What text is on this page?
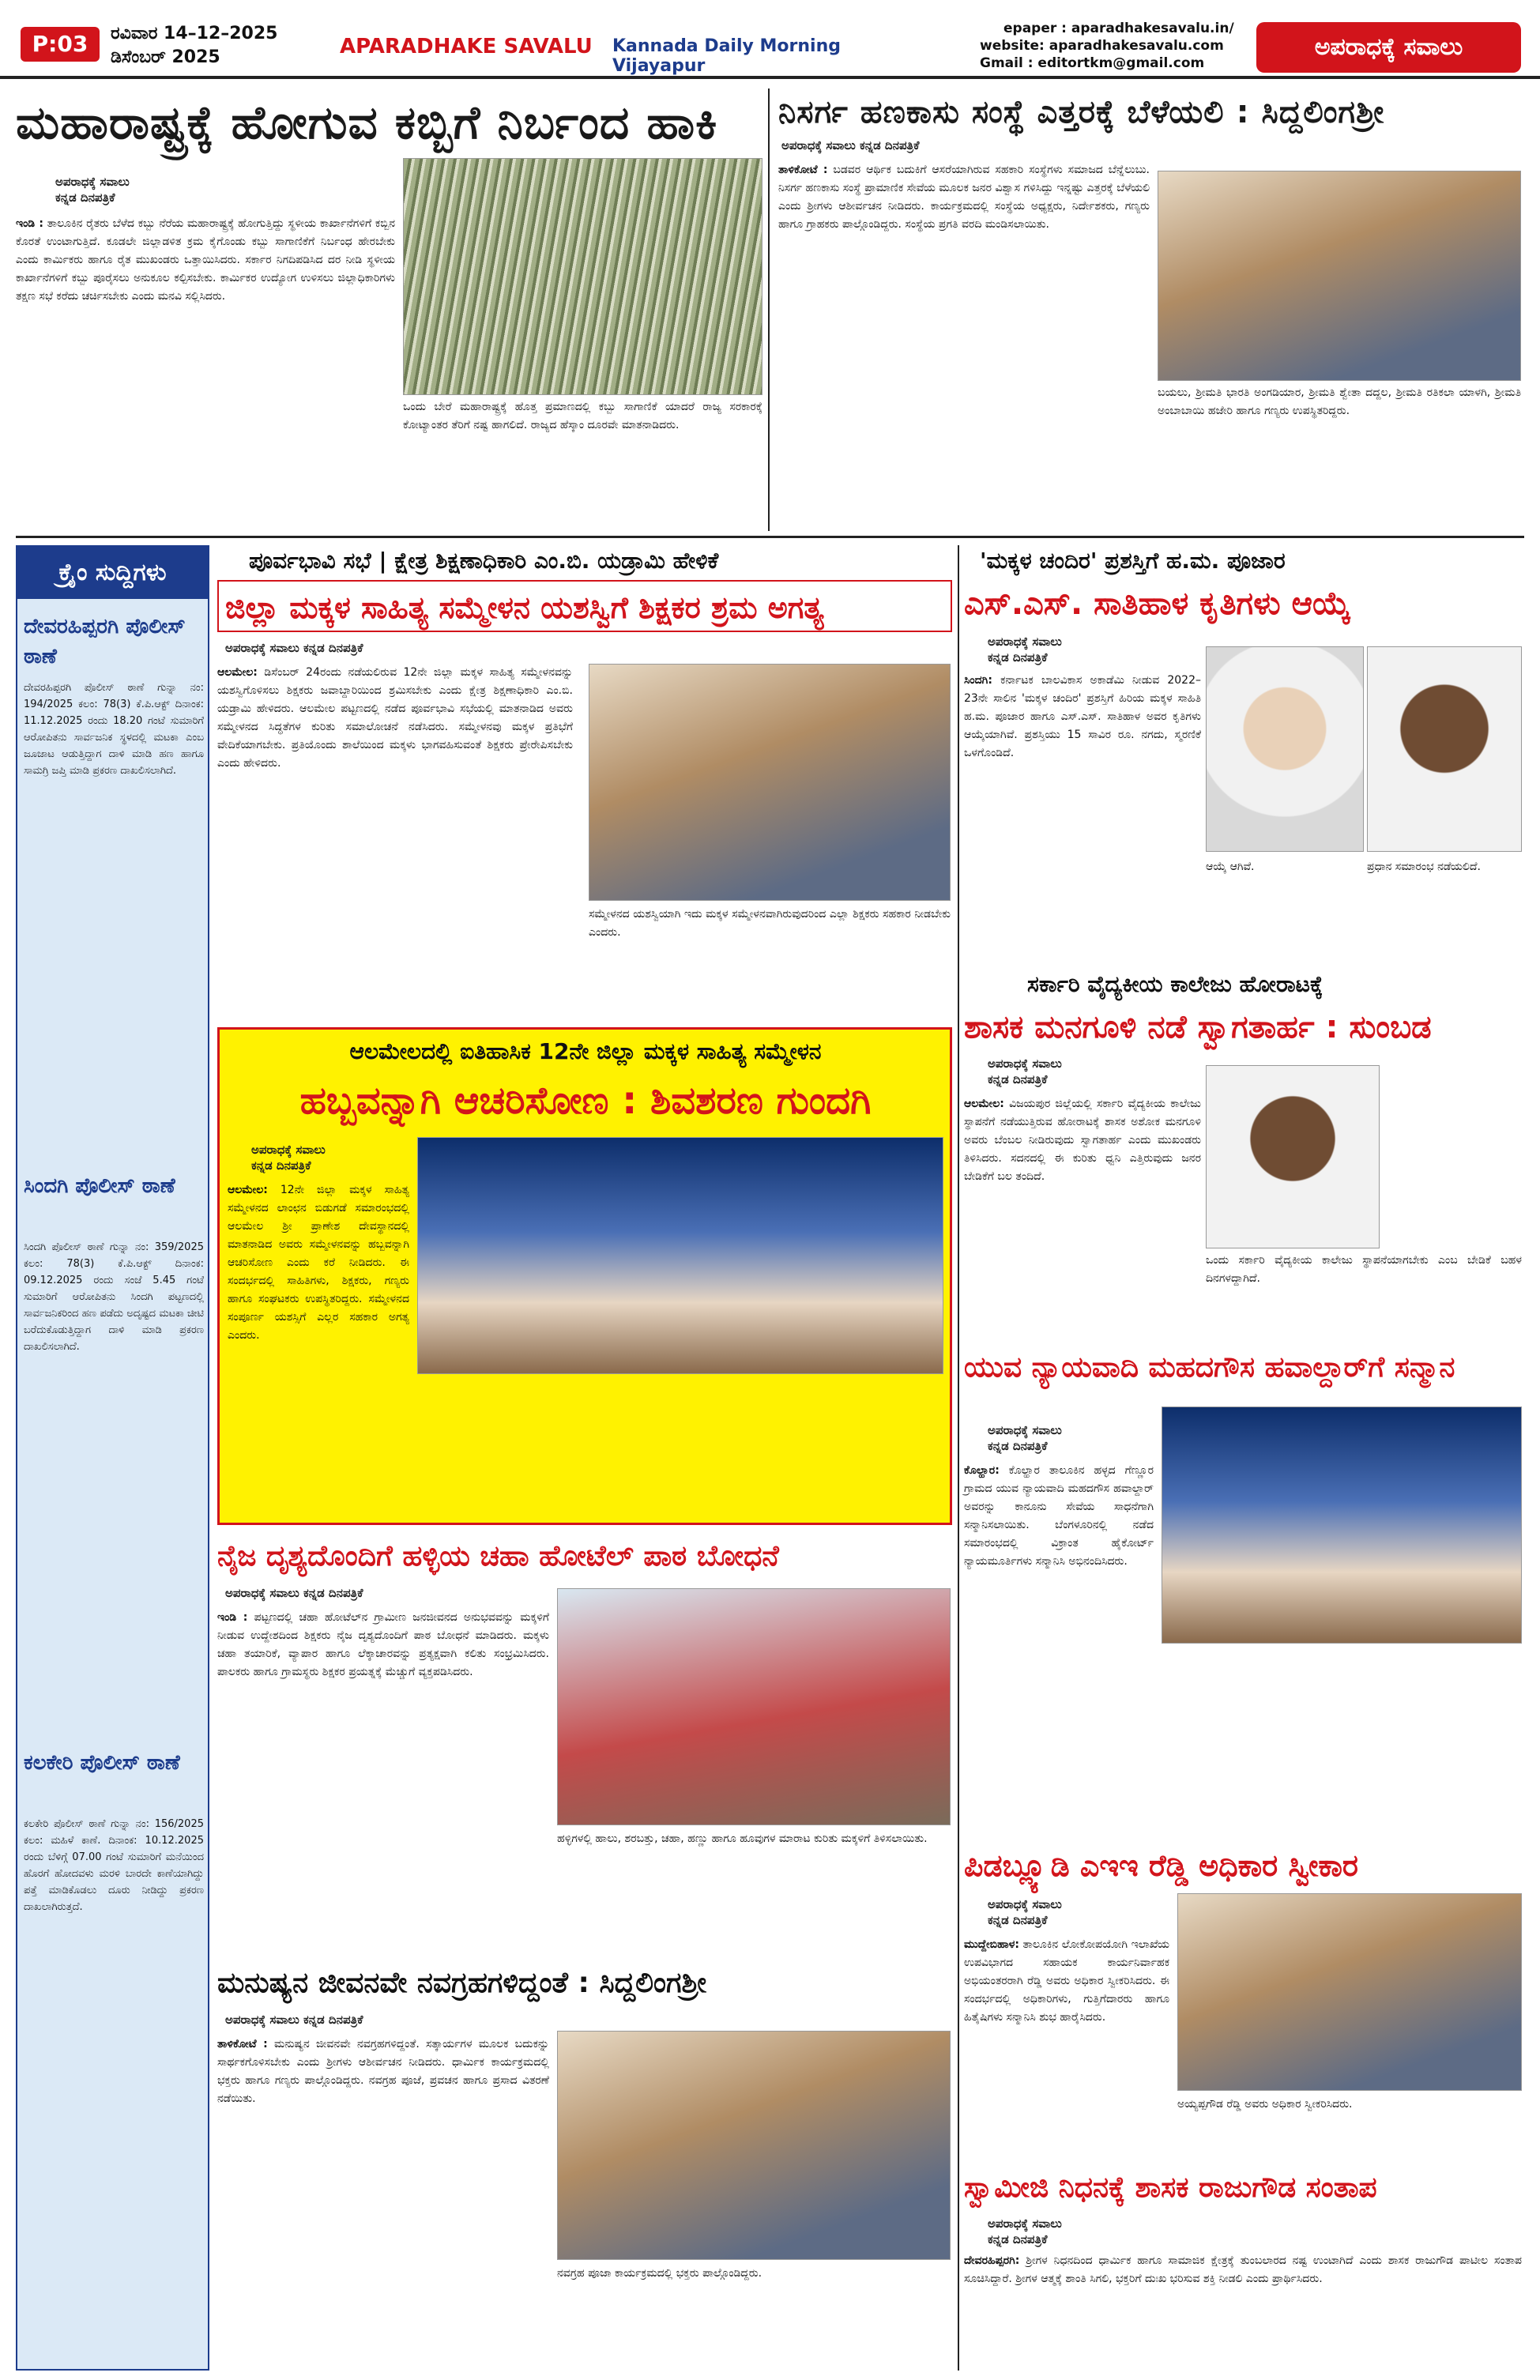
P:03	ರವಿವಾರ 14–12–2025
ಡಿಸೆಂಬರ್ 2025	APARADHAKE SAVALU	Kannada Daily Morning Vijayapur
epaper : aparadhakesavalu.in/
website: aparadhakesavalu.com
Gmail : editortkm@gmail.com
ಅಪರಾಧಕ್ಕೆ ಸವಾಲು
ಮಹಾರಾಷ್ಟ್ರಕ್ಕೆ ಹೋಗುವ ಕಬ್ಬಿಗೆ ನಿರ್ಬಂದ ಹಾಕಿ
ಅಪರಾಧಕ್ಕೆ ಸವಾಲು
ಕನ್ನಡ ದಿನಪತ್ರಿಕೆ
ಇಂಡಿ : ತಾಲೂಕಿನ ರೈತರು ಬೆಳೆದ ಕಬ್ಬು ನೆರೆಯ ಮಹಾರಾಷ್ಟ್ರಕ್ಕೆ ಹೋಗುತ್ತಿದ್ದು ಸ್ಥಳೀಯ ಕಾರ್ಖಾನೆಗಳಿಗೆ ಕಬ್ಬಿನ ಕೊರತೆ ಉಂಟಾಗುತ್ತಿದೆ. ಕೂಡಲೇ ಜಿಲ್ಲಾಡಳಿತ ಕ್ರಮ ಕೈಗೊಂಡು ಕಬ್ಬು ಸಾಗಾಣಿಕೆಗೆ ನಿರ್ಬಂಧ ಹೇರಬೇಕು ಎಂದು ಕಾರ್ಮಿಕರು ಹಾಗೂ ರೈತ ಮುಖಂಡರು ಒತ್ತಾಯಿಸಿದರು. ಸರ್ಕಾರ ನಿಗದಿಪಡಿಸಿದ ದರ ನೀಡಿ ಸ್ಥಳೀಯ ಕಾರ್ಖಾನೆಗಳಿಗೆ ಕಬ್ಬು ಪೂರೈಸಲು ಅನುಕೂಲ ಕಲ್ಪಿಸಬೇಕು. ಕಾರ್ಮಿಕರ ಉದ್ಯೋಗ ಉಳಿಸಲು ಜಿಲ್ಲಾಧಿಕಾರಿಗಳು ತಕ್ಷಣ ಸಭೆ ಕರೆದು ಚರ್ಚಿಸಬೇಕು ಎಂದು ಮನವಿ ಸಲ್ಲಿಸಿದರು.
ಒಂದು ಬೇರೆ ಮಹಾರಾಷ್ಟ್ರಕ್ಕೆ ಹೊತ್ತ ಪ್ರಮಾಣದಲ್ಲಿ ಕಬ್ಬು ಸಾಗಾಣಿಕೆ ಯಾದರೆ ರಾಜ್ಯ ಸರಕಾರಕ್ಕೆ ಕೋಟ್ಯಾಂತರ ತೆರಿಗೆ ನಷ್ಟ ಹಾಗಲಿದೆ. ರಾಜ್ಯದ ಹೆಸ್ಕಾಂ ದೂರವೇ ಮಾತನಾಡಿದರು.
ನಿಸರ್ಗ ಹಣಕಾಸು ಸಂಸ್ಥೆ ಎತ್ತರಕ್ಕೆ ಬೆಳೆಯಲಿ : ಸಿದ್ದಲಿಂಗಶ್ರೀ
ಅಪರಾಧಕ್ಕೆ ಸವಾಲು ಕನ್ನಡ ದಿನಪತ್ರಿಕೆ
ತಾಳಿಕೋಟೆ : ಬಡವರ ಆರ್ಥಿಕ ಬದುಕಿಗೆ ಆಸರೆಯಾಗಿರುವ ಸಹಕಾರಿ ಸಂಸ್ಥೆಗಳು ಸಮಾಜದ ಬೆನ್ನೆಲುಬು. ನಿಸರ್ಗ ಹಣಕಾಸು ಸಂಸ್ಥೆ ಪ್ರಾಮಾಣಿಕ ಸೇವೆಯ ಮೂಲಕ ಜನರ ವಿಶ್ವಾಸ ಗಳಿಸಿದ್ದು ಇನ್ನಷ್ಟು ಎತ್ತರಕ್ಕೆ ಬೆಳೆಯಲಿ ಎಂದು ಶ್ರೀಗಳು ಆಶೀರ್ವಚನ ನೀಡಿದರು. ಕಾರ್ಯಕ್ರಮದಲ್ಲಿ ಸಂಸ್ಥೆಯ ಅಧ್ಯಕ್ಷರು, ನಿರ್ದೇಶಕರು, ಗಣ್ಯರು ಹಾಗೂ ಗ್ರಾಹಕರು ಪಾಲ್ಗೊಂಡಿದ್ದರು. ಸಂಸ್ಥೆಯ ಪ್ರಗತಿ ವರದಿ ಮಂಡಿಸಲಾಯಿತು.
ಬಯಲು, ಶ್ರೀಮತಿ ಭಾರತಿ ಅಂಗಡಿಯಾರ, ಶ್ರೀಮತಿ ಶ್ವೇತಾ ದದ್ದಲ, ಶ್ರೀಮತಿ ರತಿಕಲಾ ಯಾಳಗಿ, ಶ್ರೀಮತಿ ಅಂಬಾಬಾಯಿ ಹಜೇರಿ ಹಾಗೂ ಗಣ್ಯರು ಉಪಸ್ಥಿತರಿದ್ದರು.
ಕ್ರೈಂ ಸುದ್ದಿಗಳು
ದೇವರಹಿಪ್ಪರಗಿ ಪೊಲೀಸ್ ಠಾಣೆ
ದೇವರಹಿಪ್ಪರಗಿ ಪೊಲೀಸ್ ಠಾಣೆ ಗುನ್ನಾ ನಂ: 194/2025 ಕಲಂ: 78(3) ಕೆ.ಪಿ.ಆಕ್ಟ್ ದಿನಾಂಕ: 11.12.2025 ರಂದು 18.20 ಗಂಟೆ ಸುಮಾರಿಗೆ ಆರೋಪಿತನು ಸಾರ್ವಜನಿಕ ಸ್ಥಳದಲ್ಲಿ ಮಟಕಾ ಎಂಬ ಜೂಜಾಟ ಆಡುತ್ತಿದ್ದಾಗ ದಾಳಿ ಮಾಡಿ ಹಣ ಹಾಗೂ ಸಾಮಗ್ರಿ ಜಪ್ತಿ ಮಾಡಿ ಪ್ರಕರಣ ದಾಖಲಿಸಲಾಗಿದೆ.
ಸಿಂದಗಿ ಪೊಲೀಸ್ ಠಾಣೆ
ಸಿಂದಗಿ ಪೊಲೀಸ್ ಠಾಣೆ ಗುನ್ನಾ ನಂ: 359/2025 ಕಲಂ: 78(3) ಕೆ.ಪಿ.ಆಕ್ಟ್ ದಿನಾಂಕ: 09.12.2025 ರಂದು ಸಂಜೆ 5.45 ಗಂಟೆ ಸುಮಾರಿಗೆ ಆರೋಪಿತನು ಸಿಂದಗಿ ಪಟ್ಟಣದಲ್ಲಿ ಸಾರ್ವಜನಿಕರಿಂದ ಹಣ ಪಡೆದು ಅದೃಷ್ಟದ ಮಟಕಾ ಚೀಟಿ ಬರೆದುಕೊಡುತ್ತಿದ್ದಾಗ ದಾಳಿ ಮಾಡಿ ಪ್ರಕರಣ ದಾಖಲಿಸಲಾಗಿದೆ.
ಕಲಕೇರಿ ಪೊಲೀಸ್ ಠಾಣೆ
ಕಲಕೇರಿ ಪೊಲೀಸ್ ಠಾಣೆ ಗುನ್ನಾ ನಂ: 156/2025 ಕಲಂ: ಮಹಿಳೆ ಕಾಣೆ. ದಿನಾಂಕ: 10.12.2025 ರಂದು ಬೆಳಿಗ್ಗೆ 07.00 ಗಂಟೆ ಸುಮಾರಿಗೆ ಮನೆಯಿಂದ ಹೊರಗೆ ಹೋದವಳು ಮರಳಿ ಬಾರದೇ ಕಾಣೆಯಾಗಿದ್ದು ಪತ್ತೆ ಮಾಡಿಕೊಡಲು ದೂರು ನೀಡಿದ್ದು ಪ್ರಕರಣ ದಾಖಲಾಗಿರುತ್ತದೆ.
ಪೂರ್ವಭಾವಿ ಸಭೆ | ಕ್ಷೇತ್ರ ಶಿಕ್ಷಣಾಧಿಕಾರಿ ಎಂ.ಬಿ. ಯಡ್ರಾಮಿ ಹೇಳಿಕೆ
ಜಿಲ್ಲಾ ಮಕ್ಕಳ ಸಾಹಿತ್ಯ ಸಮ್ಮೇಳನ ಯಶಸ್ವಿಗೆ ಶಿಕ್ಷಕರ ಶ್ರಮ ಅಗತ್ಯ
ಅಪರಾಧಕ್ಕೆ ಸವಾಲು ಕನ್ನಡ ದಿನಪತ್ರಿಕೆ
ಆಲಮೇಲ: ಡಿಸೆಂಬರ್ 24ರಂದು ನಡೆಯಲಿರುವ 12ನೇ ಜಿಲ್ಲಾ ಮಕ್ಕಳ ಸಾಹಿತ್ಯ ಸಮ್ಮೇಳನವನ್ನು ಯಶಸ್ವಿಗೊಳಿಸಲು ಶಿಕ್ಷಕರು ಜವಾಬ್ದಾರಿಯಿಂದ ಶ್ರಮಿಸಬೇಕು ಎಂದು ಕ್ಷೇತ್ರ ಶಿಕ್ಷಣಾಧಿಕಾರಿ ಎಂ.ಬಿ. ಯಡ್ರಾಮಿ ಹೇಳಿದರು. ಆಲಮೇಲ ಪಟ್ಟಣದಲ್ಲಿ ನಡೆದ ಪೂರ್ವಭಾವಿ ಸಭೆಯಲ್ಲಿ ಮಾತನಾಡಿದ ಅವರು ಸಮ್ಮೇಳನದ ಸಿದ್ಧತೆಗಳ ಕುರಿತು ಸಮಾಲೋಚನೆ ನಡೆಸಿದರು. ಸಮ್ಮೇಳನವು ಮಕ್ಕಳ ಪ್ರತಿಭೆಗೆ ವೇದಿಕೆಯಾಗಬೇಕು. ಪ್ರತಿಯೊಂದು ಶಾಲೆಯಿಂದ ಮಕ್ಕಳು ಭಾಗವಹಿಸುವಂತೆ ಶಿಕ್ಷಕರು ಪ್ರೇರೇಪಿಸಬೇಕು ಎಂದು ಹೇಳಿದರು.
ಸಮ್ಮೇಳನದ ಯಶಸ್ವಿಯಾಗಿ ಇದು ಮಕ್ಕಳ ಸಮ್ಮೇಳನವಾಗಿರುವುದರಿಂದ ಎಲ್ಲಾ ಶಿಕ್ಷಕರು ಸಹಕಾರ ನೀಡಬೇಕು ಎಂದರು.
'ಮಕ್ಕಳ ಚಂದಿರ' ಪ್ರಶಸ್ತಿಗೆ ಹ.ಮ. ಪೂಜಾರ
ಎಸ್.ಎಸ್. ಸಾತಿಹಾಳ ಕೃತಿಗಳು ಆಯ್ಕೆ
ಅಪರಾಧಕ್ಕೆ ಸವಾಲು
ಕನ್ನಡ ದಿನಪತ್ರಿಕೆ
ಸಿಂದಗಿ: ಕರ್ನಾಟಕ ಬಾಲವಿಕಾಸ ಅಕಾಡೆಮಿ ನೀಡುವ 2022–23ನೇ ಸಾಲಿನ 'ಮಕ್ಕಳ ಚಂದಿರ' ಪ್ರಶಸ್ತಿಗೆ ಹಿರಿಯ ಮಕ್ಕಳ ಸಾಹಿತಿ ಹ.ಮ. ಪೂಜಾರ ಹಾಗೂ ಎಸ್.ಎಸ್. ಸಾತಿಹಾಳ ಅವರ ಕೃತಿಗಳು ಆಯ್ಕೆಯಾಗಿವೆ. ಪ್ರಶಸ್ತಿಯು 15 ಸಾವಿರ ರೂ. ನಗದು, ಸ್ಮರಣಿಕೆ ಒಳಗೊಂಡಿದೆ.
ಆಯ್ಕೆ ಆಗಿವೆ.	ಪ್ರಧಾನ ಸಮಾರಂಭ ನಡೆಯಲಿದೆ.
ಆಲಮೇಲದಲ್ಲಿ ಐತಿಹಾಸಿಕ 12ನೇ ಜಿಲ್ಲಾ ಮಕ್ಕಳ ಸಾಹಿತ್ಯ ಸಮ್ಮೇಳನ
ಹಬ್ಬವನ್ನಾಗಿ ಆಚರಿಸೋಣ : ಶಿವಶರಣ ಗುಂದಗಿ
ಅಪರಾಧಕ್ಕೆ ಸವಾಲು
ಕನ್ನಡ ದಿನಪತ್ರಿಕೆ
ಆಲಮೇಲ: 12ನೇ ಜಿಲ್ಲಾ ಮಕ್ಕಳ ಸಾಹಿತ್ಯ ಸಮ್ಮೇಳನದ ಲಾಂಛನ ಬಿಡುಗಡೆ ಸಮಾರಂಭದಲ್ಲಿ ಆಲಮೇಲ ಶ್ರೀ ಪ್ರಾಣೇಶ ದೇವಸ್ಥಾನದಲ್ಲಿ ಮಾತನಾಡಿದ ಅವರು ಸಮ್ಮೇಳನವನ್ನು ಹಬ್ಬವನ್ನಾಗಿ ಆಚರಿಸೋಣ ಎಂದು ಕರೆ ನೀಡಿದರು. ಈ ಸಂದರ್ಭದಲ್ಲಿ ಸಾಹಿತಿಗಳು, ಶಿಕ್ಷಕರು, ಗಣ್ಯರು ಹಾಗೂ ಸಂಘಟಕರು ಉಪಸ್ಥಿತರಿದ್ದರು. ಸಮ್ಮೇಳನದ ಸಂಪೂರ್ಣ ಯಶಸ್ಸಿಗೆ ಎಲ್ಲರ ಸಹಕಾರ ಅಗತ್ಯ ಎಂದರು.
ಸರ್ಕಾರಿ ವೈದ್ಯಕೀಯ ಕಾಲೇಜು ಹೋರಾಟಕ್ಕೆ
ಶಾಸಕ ಮನಗೂಳಿ ನಡೆ ಸ್ವಾಗತಾರ್ಹ : ಸುಂಬಡ
ಅಪರಾಧಕ್ಕೆ ಸವಾಲು
ಕನ್ನಡ ದಿನಪತ್ರಿಕೆ
ಆಲಮೇಲ: ವಿಜಯಪುರ ಜಿಲ್ಲೆಯಲ್ಲಿ ಸರ್ಕಾರಿ ವೈದ್ಯಕೀಯ ಕಾಲೇಜು ಸ್ಥಾಪನೆಗೆ ನಡೆಯುತ್ತಿರುವ ಹೋರಾಟಕ್ಕೆ ಶಾಸಕ ಅಶೋಕ ಮನಗೂಳಿ ಅವರು ಬೆಂಬಲ ನೀಡಿರುವುದು ಸ್ವಾಗತಾರ್ಹ ಎಂದು ಮುಖಂಡರು ತಿಳಿಸಿದರು. ಸದನದಲ್ಲಿ ಈ ಕುರಿತು ಧ್ವನಿ ಎತ್ತಿರುವುದು ಜನರ ಬೇಡಿಕೆಗೆ ಬಲ ತಂದಿದೆ.
ಒಂದು ಸರ್ಕಾರಿ ವೈದ್ಯಕೀಯ ಕಾಲೇಜು ಸ್ಥಾಪನೆಯಾಗಬೇಕು ಎಂಬ ಬೇಡಿಕೆ ಬಹಳ ದಿನಗಳದ್ದಾಗಿದೆ.
ಯುವ ನ್ಯಾಯವಾದಿ ಮಹದಗೌಸ ಹವಾಲ್ದಾರ್‌ಗೆ ಸನ್ಮಾನ
ಅಪರಾಧಕ್ಕೆ ಸವಾಲು
ಕನ್ನಡ ದಿನಪತ್ರಿಕೆ
ಕೊಲ್ಹಾರ: ಕೊಲ್ಹಾರ ತಾಲೂಕಿನ ಹಳ್ಳದ ಗೆಣ್ಣೂರ ಗ್ರಾಮದ ಯುವ ನ್ಯಾಯವಾದಿ ಮಹದಗೌಸ ಹವಾಲ್ದಾರ್ ಅವರನ್ನು ಕಾನೂನು ಸೇವೆಯ ಸಾಧನೆಗಾಗಿ ಸನ್ಮಾನಿಸಲಾಯಿತು. ಬೆಂಗಳೂರಿನಲ್ಲಿ ನಡೆದ ಸಮಾರಂಭದಲ್ಲಿ ವಿಕ್ರಾಂತ ಹೈಕೋರ್ಟ್ ನ್ಯಾಯಮೂರ್ತಿಗಳು ಸನ್ಮಾನಿಸಿ ಅಭಿನಂದಿಸಿದರು.
ನೈಜ ದೃಶ್ಯದೊಂದಿಗೆ ಹಳ್ಳಿಯ ಚಹಾ ಹೋಟೆಲ್ ಪಾಠ ಬೋಧನೆ
ಅಪರಾಧಕ್ಕೆ ಸವಾಲು ಕನ್ನಡ ದಿನಪತ್ರಿಕೆ
ಇಂಡಿ : ಪಟ್ಟಣದಲ್ಲಿ ಚಹಾ ಹೋಟೆಲ್‌ನ ಗ್ರಾಮೀಣ ಜನಜೀವನದ ಅನುಭವವನ್ನು ಮಕ್ಕಳಿಗೆ ನೀಡುವ ಉದ್ದೇಶದಿಂದ ಶಿಕ್ಷಕರು ನೈಜ ದೃಶ್ಯದೊಂದಿಗೆ ಪಾಠ ಬೋಧನೆ ಮಾಡಿದರು. ಮಕ್ಕಳು ಚಹಾ ತಯಾರಿಕೆ, ವ್ಯಾಪಾರ ಹಾಗೂ ಲೆಕ್ಕಾಚಾರವನ್ನು ಪ್ರತ್ಯಕ್ಷವಾಗಿ ಕಲಿತು ಸಂಭ್ರಮಿಸಿದರು. ಪಾಲಕರು ಹಾಗೂ ಗ್ರಾಮಸ್ಥರು ಶಿಕ್ಷಕರ ಪ್ರಯತ್ನಕ್ಕೆ ಮೆಚ್ಚುಗೆ ವ್ಯಕ್ತಪಡಿಸಿದರು.
ಹಳ್ಳಿಗಳಲ್ಲಿ ಹಾಲು, ಶರಬತ್ತು, ಚಹಾ, ಹಣ್ಣು ಹಾಗೂ ಹೂವುಗಳ ಮಾರಾಟ ಕುರಿತು ಮಕ್ಕಳಿಗೆ ತಿಳಿಸಲಾಯಿತು.
ಪಿಡಬ್ಲ್ಯೂಡಿ ಎಇಇ ರೆಡ್ಡಿ ಅಧಿಕಾರ ಸ್ವೀಕಾರ
ಅಪರಾಧಕ್ಕೆ ಸವಾಲು
ಕನ್ನಡ ದಿನಪತ್ರಿಕೆ
ಮುದ್ದೇಬಿಹಾಳ: ತಾಲೂಕಿನ ಲೋಕೋಪಯೋಗಿ ಇಲಾಖೆಯ ಉಪವಿಭಾಗದ ಸಹಾಯಕ ಕಾರ್ಯನಿರ್ವಾಹಕ ಅಭಿಯಂತರರಾಗಿ ರೆಡ್ಡಿ ಅವರು ಅಧಿಕಾರ ಸ್ವೀಕರಿಸಿದರು. ಈ ಸಂದರ್ಭದಲ್ಲಿ ಅಧಿಕಾರಿಗಳು, ಗುತ್ತಿಗೆದಾರರು ಹಾಗೂ ಹಿತೈಷಿಗಳು ಸನ್ಮಾನಿಸಿ ಶುಭ ಹಾರೈಸಿದರು.
ಅಯ್ಯಪ್ಪಗೌಡ ರೆಡ್ಡಿ ಅವರು ಅಧಿಕಾರ ಸ್ವೀಕರಿಸಿದರು.
ಮನುಷ್ಯನ ಜೀವನವೇ ನವಗ್ರಹಗಳಿದ್ದಂತೆ : ಸಿದ್ದಲಿಂಗಶ್ರೀ
ಅಪರಾಧಕ್ಕೆ ಸವಾಲು ಕನ್ನಡ ದಿನಪತ್ರಿಕೆ
ತಾಳಿಕೋಟೆ : ಮನುಷ್ಯನ ಜೀವನವೇ ನವಗ್ರಹಗಳಿದ್ದಂತೆ. ಸತ್ಕಾರ್ಯಗಳ ಮೂಲಕ ಬದುಕನ್ನು ಸಾರ್ಥಕಗೊಳಿಸಬೇಕು ಎಂದು ಶ್ರೀಗಳು ಆಶೀರ್ವಚನ ನೀಡಿದರು. ಧಾರ್ಮಿಕ ಕಾರ್ಯಕ್ರಮದಲ್ಲಿ ಭಕ್ತರು ಹಾಗೂ ಗಣ್ಯರು ಪಾಲ್ಗೊಂಡಿದ್ದರು. ನವಗ್ರಹ ಪೂಜೆ, ಪ್ರವಚನ ಹಾಗೂ ಪ್ರಸಾದ ವಿತರಣೆ ನಡೆಯಿತು.
ನವಗ್ರಹ ಪೂಜಾ ಕಾರ್ಯಕ್ರಮದಲ್ಲಿ ಭಕ್ತರು ಪಾಲ್ಗೊಂಡಿದ್ದರು.
ಸ್ವಾಮೀಜಿ ನಿಧನಕ್ಕೆ ಶಾಸಕ ರಾಜುಗೌಡ ಸಂತಾಪ
ಅಪರಾಧಕ್ಕೆ ಸವಾಲು
ಕನ್ನಡ ದಿನಪತ್ರಿಕೆ
ದೇವರಹಿಪ್ಪರಗಿ: ಶ್ರೀಗಳ ನಿಧನದಿಂದ ಧಾರ್ಮಿಕ ಹಾಗೂ ಸಾಮಾಜಿಕ ಕ್ಷೇತ್ರಕ್ಕೆ ತುಂಬಲಾರದ ನಷ್ಟ ಉಂಟಾಗಿದೆ ಎಂದು ಶಾಸಕ ರಾಜುಗೌಡ ಪಾಟೀಲ ಸಂತಾಪ ಸೂಚಿಸಿದ್ದಾರೆ. ಶ್ರೀಗಳ ಆತ್ಮಕ್ಕೆ ಶಾಂತಿ ಸಿಗಲಿ, ಭಕ್ತರಿಗೆ ದುಃಖ ಭರಿಸುವ ಶಕ್ತಿ ನೀಡಲಿ ಎಂದು ಪ್ರಾರ್ಥಿಸಿದರು.
